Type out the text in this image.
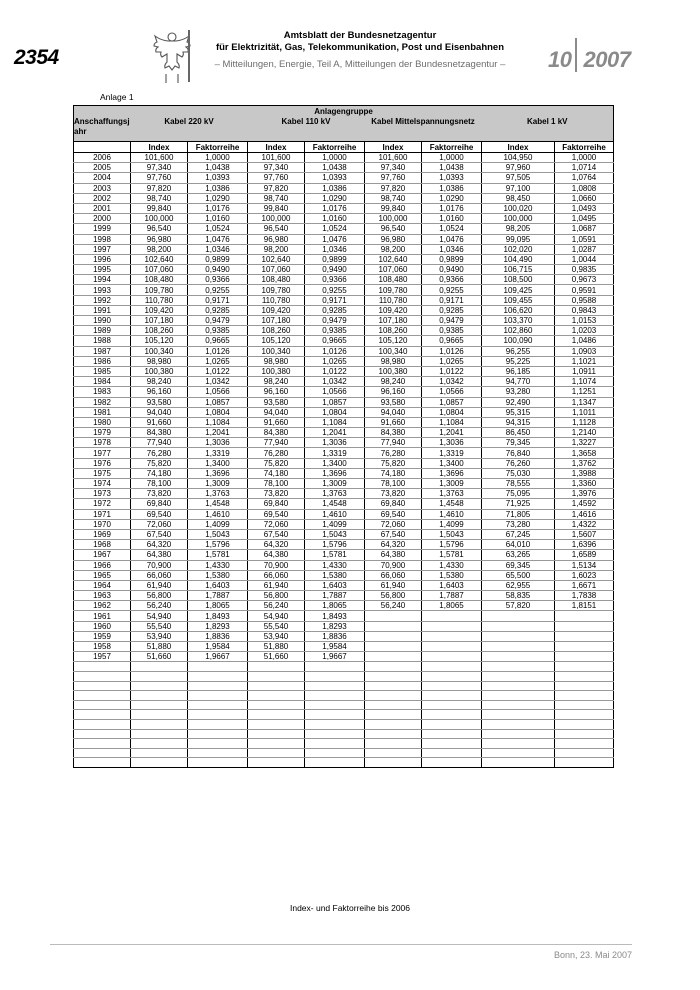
2354
Amtsblatt der Bundesnetzagentur
für Elektrizität, Gas, Telekommunikation, Post und Eisenbahnen
– Mitteilungen, Energie, Teil A, Mitteilungen der Bundesnetzagentur –	10 2007
Anlage 1
Anlagengruppe								
Anschaffungsjahr	Kabel 220 kV		Kabel 110 kV		Kabel Mittelspannungsnetz		Kabel 1 kV	
	Index	Faktorreihe	Index	Faktorreihe	Index	Faktorreihe	Index	Faktorreihe
2006	101,600	1,0000	101,600	1,0000	101,600	1,0000	104,950	1,0000
2005	97,340	1,0438	97,340	1,0438	97,340	1,0438	97,960	1,0714
2004	97,760	1,0393	97,760	1,0393	97,760	1,0393	97,505	1,0764
2003	97,820	1,0386	97,820	1,0386	97,820	1,0386	97,100	1,0808
2002	98,740	1,0290	98,740	1,0290	98,740	1,0290	98,450	1,0660
2001	99,840	1,0176	99,840	1,0176	99,840	1,0176	100,020	1,0493
2000	100,000	1,0160	100,000	1,0160	100,000	1,0160	100,000	1,0495
1999	96,540	1,0524	96,540	1,0524	96,540	1,0524	98,205	1,0687
1998	96,980	1,0476	96,980	1,0476	96,980	1,0476	99,095	1,0591
1997	98,200	1,0346	98,200	1,0346	98,200	1,0346	102,020	1,0287
1996	102,640	0,9899	102,640	0,9899	102,640	0,9899	104,490	1,0044
1995	107,060	0,9490	107,060	0,9490	107,060	0,9490	106,715	0,9835
1994	108,480	0,9366	108,480	0,9366	108,480	0,9366	108,500	0,9673
1993	109,780	0,9255	109,780	0,9255	109,780	0,9255	109,425	0,9591
1992	110,780	0,9171	110,780	0,9171	110,780	0,9171	109,455	0,9588
1991	109,420	0,9285	109,420	0,9285	109,420	0,9285	106,620	0,9843
1990	107,180	0,9479	107,180	0,9479	107,180	0,9479	103,370	1,0153
1989	108,260	0,9385	108,260	0,9385	108,260	0,9385	102,860	1,0203
1988	105,120	0,9665	105,120	0,9665	105,120	0,9665	100,090	1,0486
1987	100,340	1,0126	100,340	1,0126	100,340	1,0126	96,255	1,0903
1986	98,980	1,0265	98,980	1,0265	98,980	1,0265	95,225	1,1021
1985	100,380	1,0122	100,380	1,0122	100,380	1,0122	96,185	1,0911
1984	98,240	1,0342	98,240	1,0342	98,240	1,0342	94,770	1,1074
1983	96,160	1,0566	96,160	1,0566	96,160	1,0566	93,280	1,1251
1982	93,580	1,0857	93,580	1,0857	93,580	1,0857	92,490	1,1347
1981	94,040	1,0804	94,040	1,0804	94,040	1,0804	95,315	1,1011
1980	91,660	1,1084	91,660	1,1084	91,660	1,1084	94,315	1,1128
1979	84,380	1,2041	84,380	1,2041	84,380	1,2041	86,450	1,2140
1978	77,940	1,3036	77,940	1,3036	77,940	1,3036	79,345	1,3227
1977	76,280	1,3319	76,280	1,3319	76,280	1,3319	76,840	1,3658
1976	75,820	1,3400	75,820	1,3400	75,820	1,3400	76,260	1,3762
1975	74,180	1,3696	74,180	1,3696	74,180	1,3696	75,030	1,3988
1974	78,100	1,3009	78,100	1,3009	78,100	1,3009	78,555	1,3360
1973	73,820	1,3763	73,820	1,3763	73,820	1,3763	75,095	1,3976
1972	69,840	1,4548	69,840	1,4548	69,840	1,4548	71,925	1,4592
1971	69,540	1,4610	69,540	1,4610	69,540	1,4610	71,805	1,4616
1970	72,060	1,4099	72,060	1,4099	72,060	1,4099	73,280	1,4322
1969	67,540	1,5043	67,540	1,5043	67,540	1,5043	67,245	1,5607
1968	64,320	1,5796	64,320	1,5796	64,320	1,5796	64,010	1,6396
1967	64,380	1,5781	64,380	1,5781	64,380	1,5781	63,265	1,6589
1966	70,900	1,4330	70,900	1,4330	70,900	1,4330	69,345	1,5134
1965	66,060	1,5380	66,060	1,5380	66,060	1,5380	65,500	1,6023
1964	61,940	1,6403	61,940	1,6403	61,940	1,6403	62,955	1,6671
1963	56,800	1,7887	56,800	1,7887	56,800	1,7887	58,835	1,7838
1962	56,240	1,8065	56,240	1,8065	56,240	1,8065	57,820	1,8151
1961	54,940	1,8493	54,940	1,8493				
1960	55,540	1,8293	55,540	1,8293				
1959	53,940	1,8836	53,940	1,8836				
1958	51,880	1,9584	51,880	1,9584				
1957	51,660	1,9667	51,660	1,9667				

Index- und Faktorreihe bis 2006
Bonn, 23. Mai 2007
